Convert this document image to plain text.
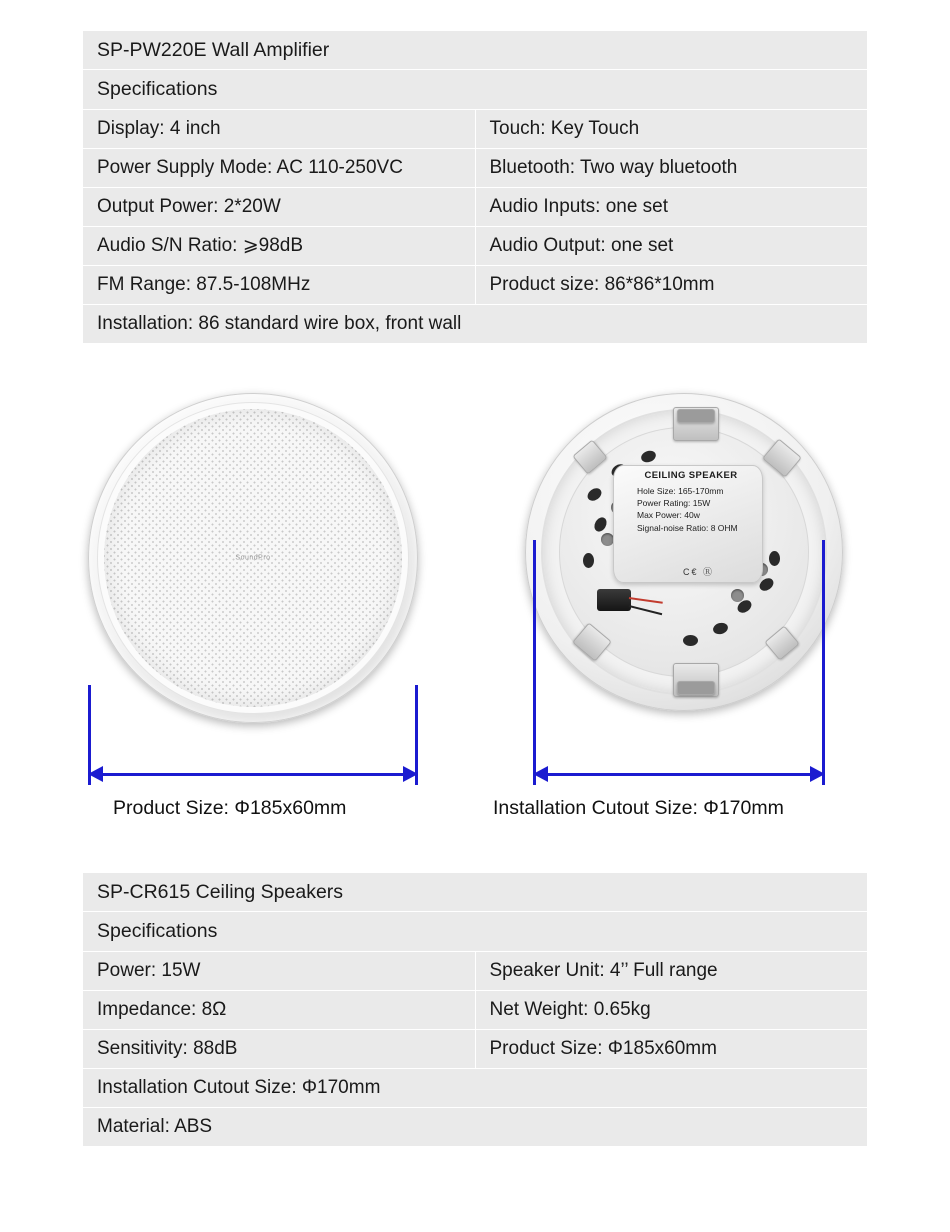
SP-PW220E Wall Amplifier	
Specifications	
Display: 4 inch	Touch: Key Touch
Power Supply Mode: AC 110-250VC	Bluetooth: Two way bluetooth
Output Power: 2*20W	Audio Inputs: one set
Audio S/N Ratio: ⩾98dB	Audio Output: one set
FM Range: 87.5-108MHz	Product size: 86*86*10mm
Installation: 86 standard wire box, front wall	
SoundPro
CEILING SPEAKER
Hole Size: 165-170mm
Power Rating: 15W
Max Power: 40w
Signal-noise Ratio: 8 OHM
C€ Ⓡ
Product Size: Φ185x60mm	Installation Cutout Size: Φ170mm
SP-CR615 Ceiling Speakers	
Specifications	
Power: 15W	Speaker Unit: 4’’ Full range
Impedance: 8Ω	Net Weight: 0.65kg
Sensitivity: 88dB	Product Size: Φ185x60mm
Installation Cutout Size: Φ170mm	
Material: ABS	
